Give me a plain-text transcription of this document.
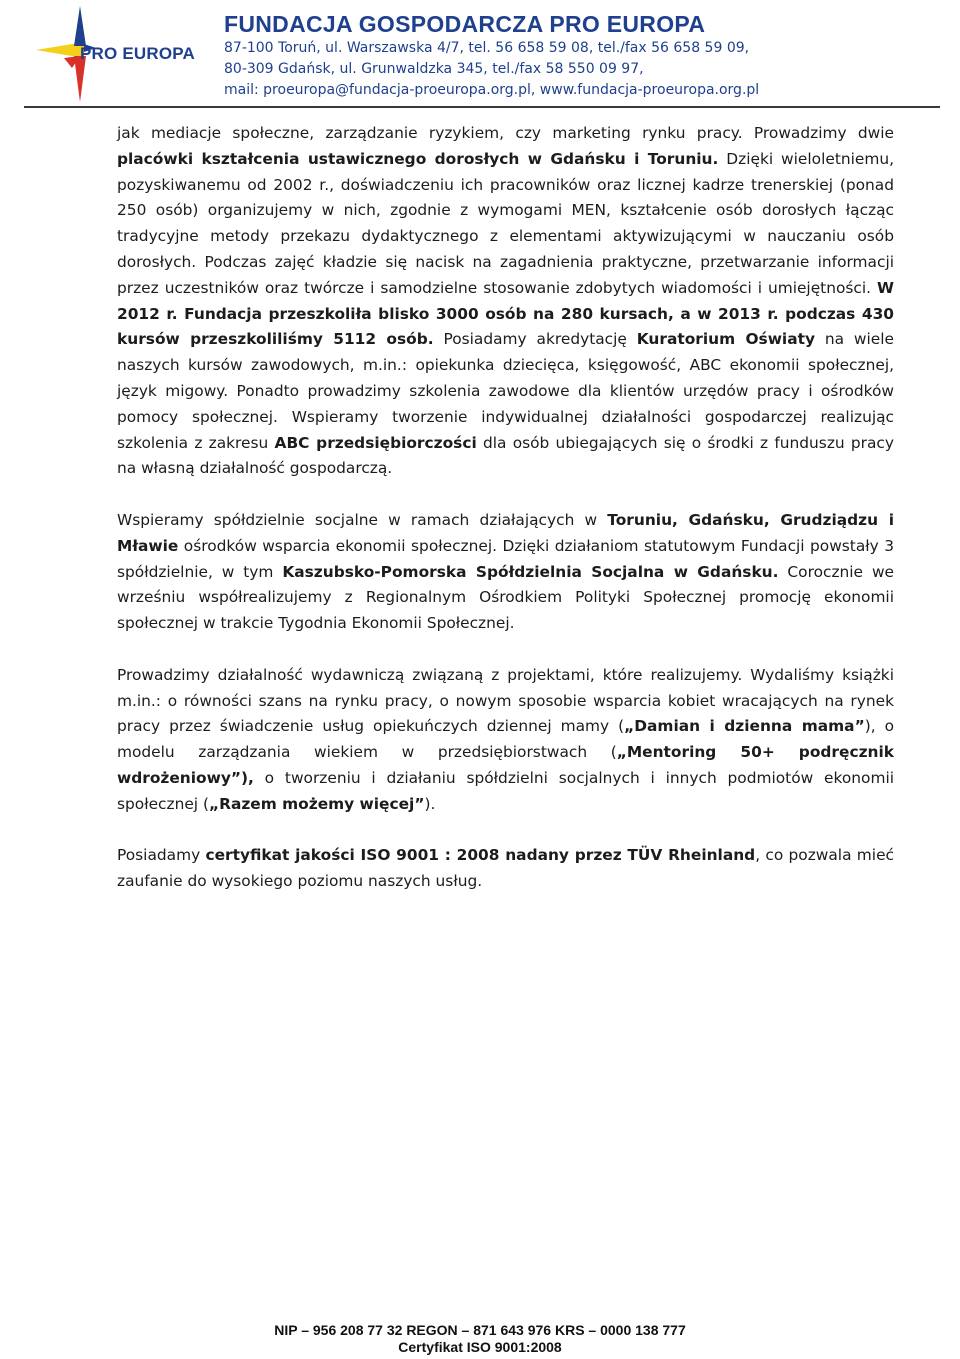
PRO EUROPA
FUNDACJA GOSPODARCZA PRO EUROPA
87-100 Toruń, ul. Warszawska 4/7, tel. 56 658 59 08, tel./fax 56 658 59 09,
80-309 Gdańsk, ul. Grunwaldzka 345, tel./fax 58 550 09 97,
mail: proeuropa@fundacja-proeuropa.org.pl, www.fundacja-proeuropa.org.pl

jak mediacje społeczne, zarządzanie ryzykiem, czy marketing rynku pracy. Prowadzimy dwie placówki kształcenia ustawicznego dorosłych w Gdańsku i Toruniu. Dzięki wieloletniemu, pozyskiwanemu od 2002 r., doświadczeniu ich pracowników oraz licznej kadrze trenerskiej (ponad 250 osób) organizujemy w nich, zgodnie z wymogami MEN, kształcenie osób dorosłych łącząc tradycyjne metody przekazu dydaktycznego z elementami aktywizującymi w nauczaniu osób dorosłych. Podczas zajęć kładzie się nacisk na zagadnienia praktyczne, przetwarzanie informacji przez uczestników oraz twórcze i samodzielne stosowanie zdobytych wiadomości i umiejętności. W 2012 r. Fundacja przeszkoliła blisko 3000 osób na 280 kursach, a w 2013 r. podczas 430 kursów przeszkoliliśmy 5112 osób. Posiadamy akredytację Kuratorium Oświaty na wiele naszych kursów zawodowych, m.in.: opiekunka dziecięca, księgowość, ABC ekonomii społecznej, język migowy. Ponadto prowadzimy szkolenia zawodowe dla klientów urzędów pracy i ośrodków pomocy społecznej. Wspieramy tworzenie indywidualnej działalności gospodarczej realizując szkolenia z zakresu ABC przedsiębiorczości dla osób ubiegających się o środki z funduszu pracy na własną działalność gospodarczą.

Wspieramy spółdzielnie socjalne w ramach działających w Toruniu, Gdańsku, Grudziądzu i Mławie ośrodków wsparcia ekonomii społecznej. Dzięki działaniom statutowym Fundacji powstały 3 spółdzielnie, w tym Kaszubsko-Pomorska Spółdzielnia Socjalna w Gdańsku. Corocznie we wrześniu współrealizujemy z Regionalnym Ośrodkiem Polityki Społecznej promocję ekonomii społecznej w trakcie Tygodnia Ekonomii Społecznej.

Prowadzimy działalność wydawniczą związaną z projektami, które realizujemy. Wydaliśmy książki m.in.: o równości szans na rynku pracy, o nowym sposobie wsparcia kobiet wracających na rynek pracy przez świadczenie usług opiekuńczych dziennej mamy („Damian i dzienna mama”), o modelu zarządzania wiekiem w przedsiębiorstwach („Mentoring 50+ podręcznik wdrożeniowy”), o tworzeniu i działaniu spółdzielni socjalnych i innych podmiotów ekonomii społecznej („Razem możemy więcej”).

Posiadamy certyfikat jakości ISO 9001 : 2008 nadany przez TÜV Rheinland, co pozwala mieć zaufanie do wysokiego poziomu naszych usług.

NIP – 956 208 77 32 REGON – 871 643 976 KRS – 0000 138 777
Certyfikat ISO 9001:2008
